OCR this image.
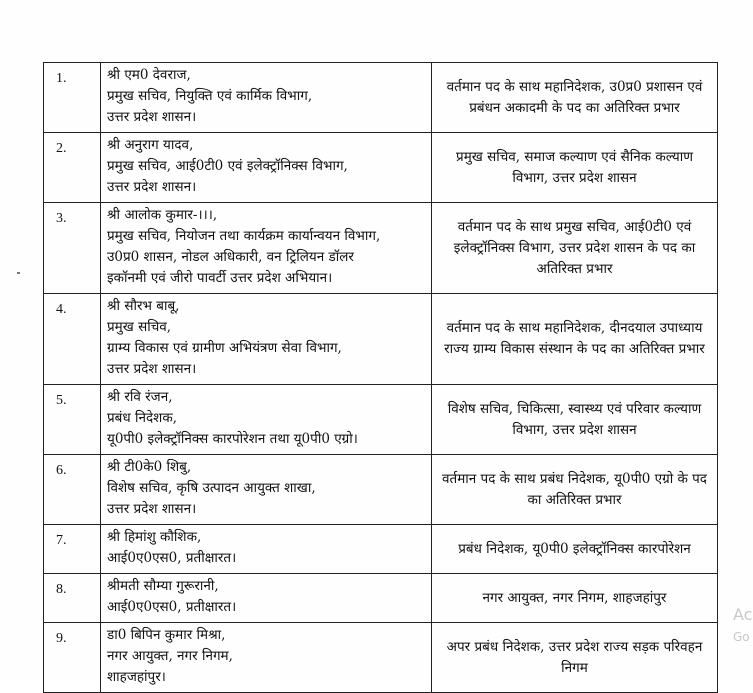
1.	श्री एम0 देवराज,
प्रमुख सचिव, नियुक्ति एवं कार्मिक विभाग,
उत्तर प्रदेश शासन।	वर्तमान पद के साथ महानिदेशक, उ0प्र0 प्रशासन एवं प्रबंधन अकादमी के पद का अतिरिक्त प्रभार
2.	श्री अनुराग यादव,
प्रमुख सचिव, आई0टी0 एवं इलेक्ट्रॉनिक्स विभाग,
उत्तर प्रदेश शासन।	प्रमुख सचिव, समाज कल्याण एवं सैनिक कल्याण विभाग, उत्तर प्रदेश शासन
3.	श्री आलोक कुमार-।।।,
प्रमुख सचिव, नियोजन तथा कार्यक्रम कार्यान्वयन विभाग,
उ0प्र0 शासन, नोडल अधिकारी, वन ट्रिलियन डॉलर
इकॉनमी एवं जीरो पावर्टी उत्तर प्रदेश अभियान।	वर्तमान पद के साथ प्रमुख सचिव, आई0टी0 एवं इलेक्ट्रॉनिक्स विभाग, उत्तर प्रदेश शासन के पद का अतिरिक्त प्रभार
4.	श्री सौरभ बाबू,
प्रमुख सचिव,
ग्राम्य विकास एवं ग्रामीण अभियंत्रण सेवा विभाग,
उत्तर प्रदेश शासन।	वर्तमान पद के साथ महानिदेशक, दीनदयाल उपाध्याय राज्य ग्राम्य विकास संस्थान के पद का अतिरिक्त प्रभार
5.	श्री रवि रंजन,
प्रबंध निदेशक,
यू0पी0 इलेक्ट्रॉनिक्स कारपोरेशन तथा यू0पी0 एग्रो।	विशेष सचिव, चिकित्सा, स्वास्थ्य एवं परिवार कल्याण विभाग, उत्तर प्रदेश शासन
6.	श्री टी0के0 शिबु,
विशेष सचिव, कृषि उत्पादन आयुक्त शाखा,
उत्तर प्रदेश शासन।	वर्तमान पद के साथ प्रबंध निदेशक, यू0पी0 एग्रो के पद का अतिरिक्त प्रभार
7.	श्री हिमांशु कौशिक,
आई0ए0एस0, प्रतीक्षारत।	प्रबंध निदेशक, यू0पी0 इलेक्ट्रॉनिक्स कारपोरेशन
8.	श्रीमती सौम्या गुरूरानी,
आई0ए0एस0, प्रतीक्षारत।	नगर आयुक्त, नगर निगम, शाहजहांपुर
9.	डा0 बिपिन कुमार मिश्रा,
नगर आयुक्त, नगर निगम,
शाहजहांपुर।	अपर प्रबंध निदेशक, उत्तर प्रदेश राज्य सड़क परिवहन निगम
Ac
Go
